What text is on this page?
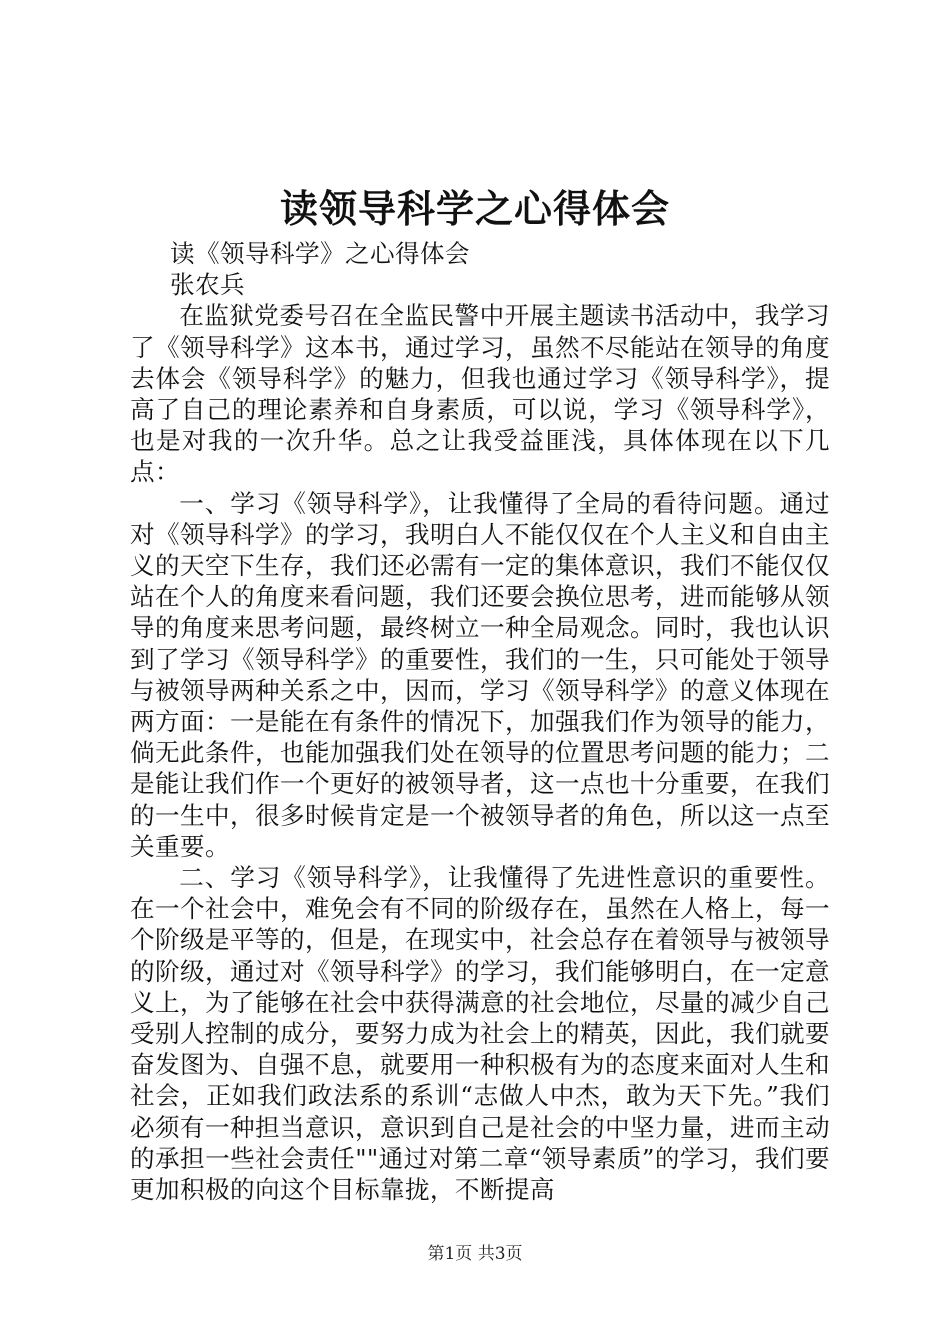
读领导科学之心得体会

读《领导科学》之心得体会

张农兵

在监狱党委号召在全监民警中开展主题读书活动中，我学习了《领导科学》这本书，通过学习，虽然不尽能站在领导的角度去体会《领导科学》的魅力，但我也通过学习《领导科学》，提高了自己的理论素养和自身素质，可以说，学习《领导科学》，也是对我的一次升华。总之让我受益匪浅，具体体现在以下几点：

一、学习《领导科学》，让我懂得了全局的看待问题。通过对《领导科学》的学习，我明白人不能仅仅在个人主义和自由主义的天空下生存，我们还必需有一定的集体意识，我们不能仅仅站在个人的角度来看问题，我们还要会换位思考，进而能够从领导的角度来思考问题，最终树立一种全局观念。同时，我也认识到了学习《领导科学》的重要性，我们的一生，只可能处于领导与被领导两种关系之中，因而，学习《领导科学》的意义体现在两方面：一是能在有条件的情况下，加强我们作为领导的能力，倘无此条件，也能加强我们处在领导的位置思考问题的能力；二是能让我们作一个更好的被领导者，这一点也十分重要，在我们的一生中，很多时候肯定是一个被领导者的角色，所以这一点至关重要。

二、学习《领导科学》，让我懂得了先进性意识的重要性。在一个社会中，难免会有不同的阶级存在，虽然在人格上，每一个阶级是平等的，但是，在现实中，社会总存在着领导与被领导的阶级，通过对《领导科学》的学习，我们能够明白，在一定意义上，为了能够在社会中获得满意的社会地位，尽量的减少自己受别人控制的成分，要努力成为社会上的精英，因此，我们就要奋发图为、自强不息，就要用一种积极有为的态度来面对人生和社会，正如我们政法系的系训“志做人中杰，敢为天下先。”我们必须有一种担当意识，意识到自己是社会的中坚力量，进而主动的承担一些社会责任""通过对第二章“领导素质”的学习，我们要更加积极的向这个目标靠拢，不断提高

第1页 共3页
